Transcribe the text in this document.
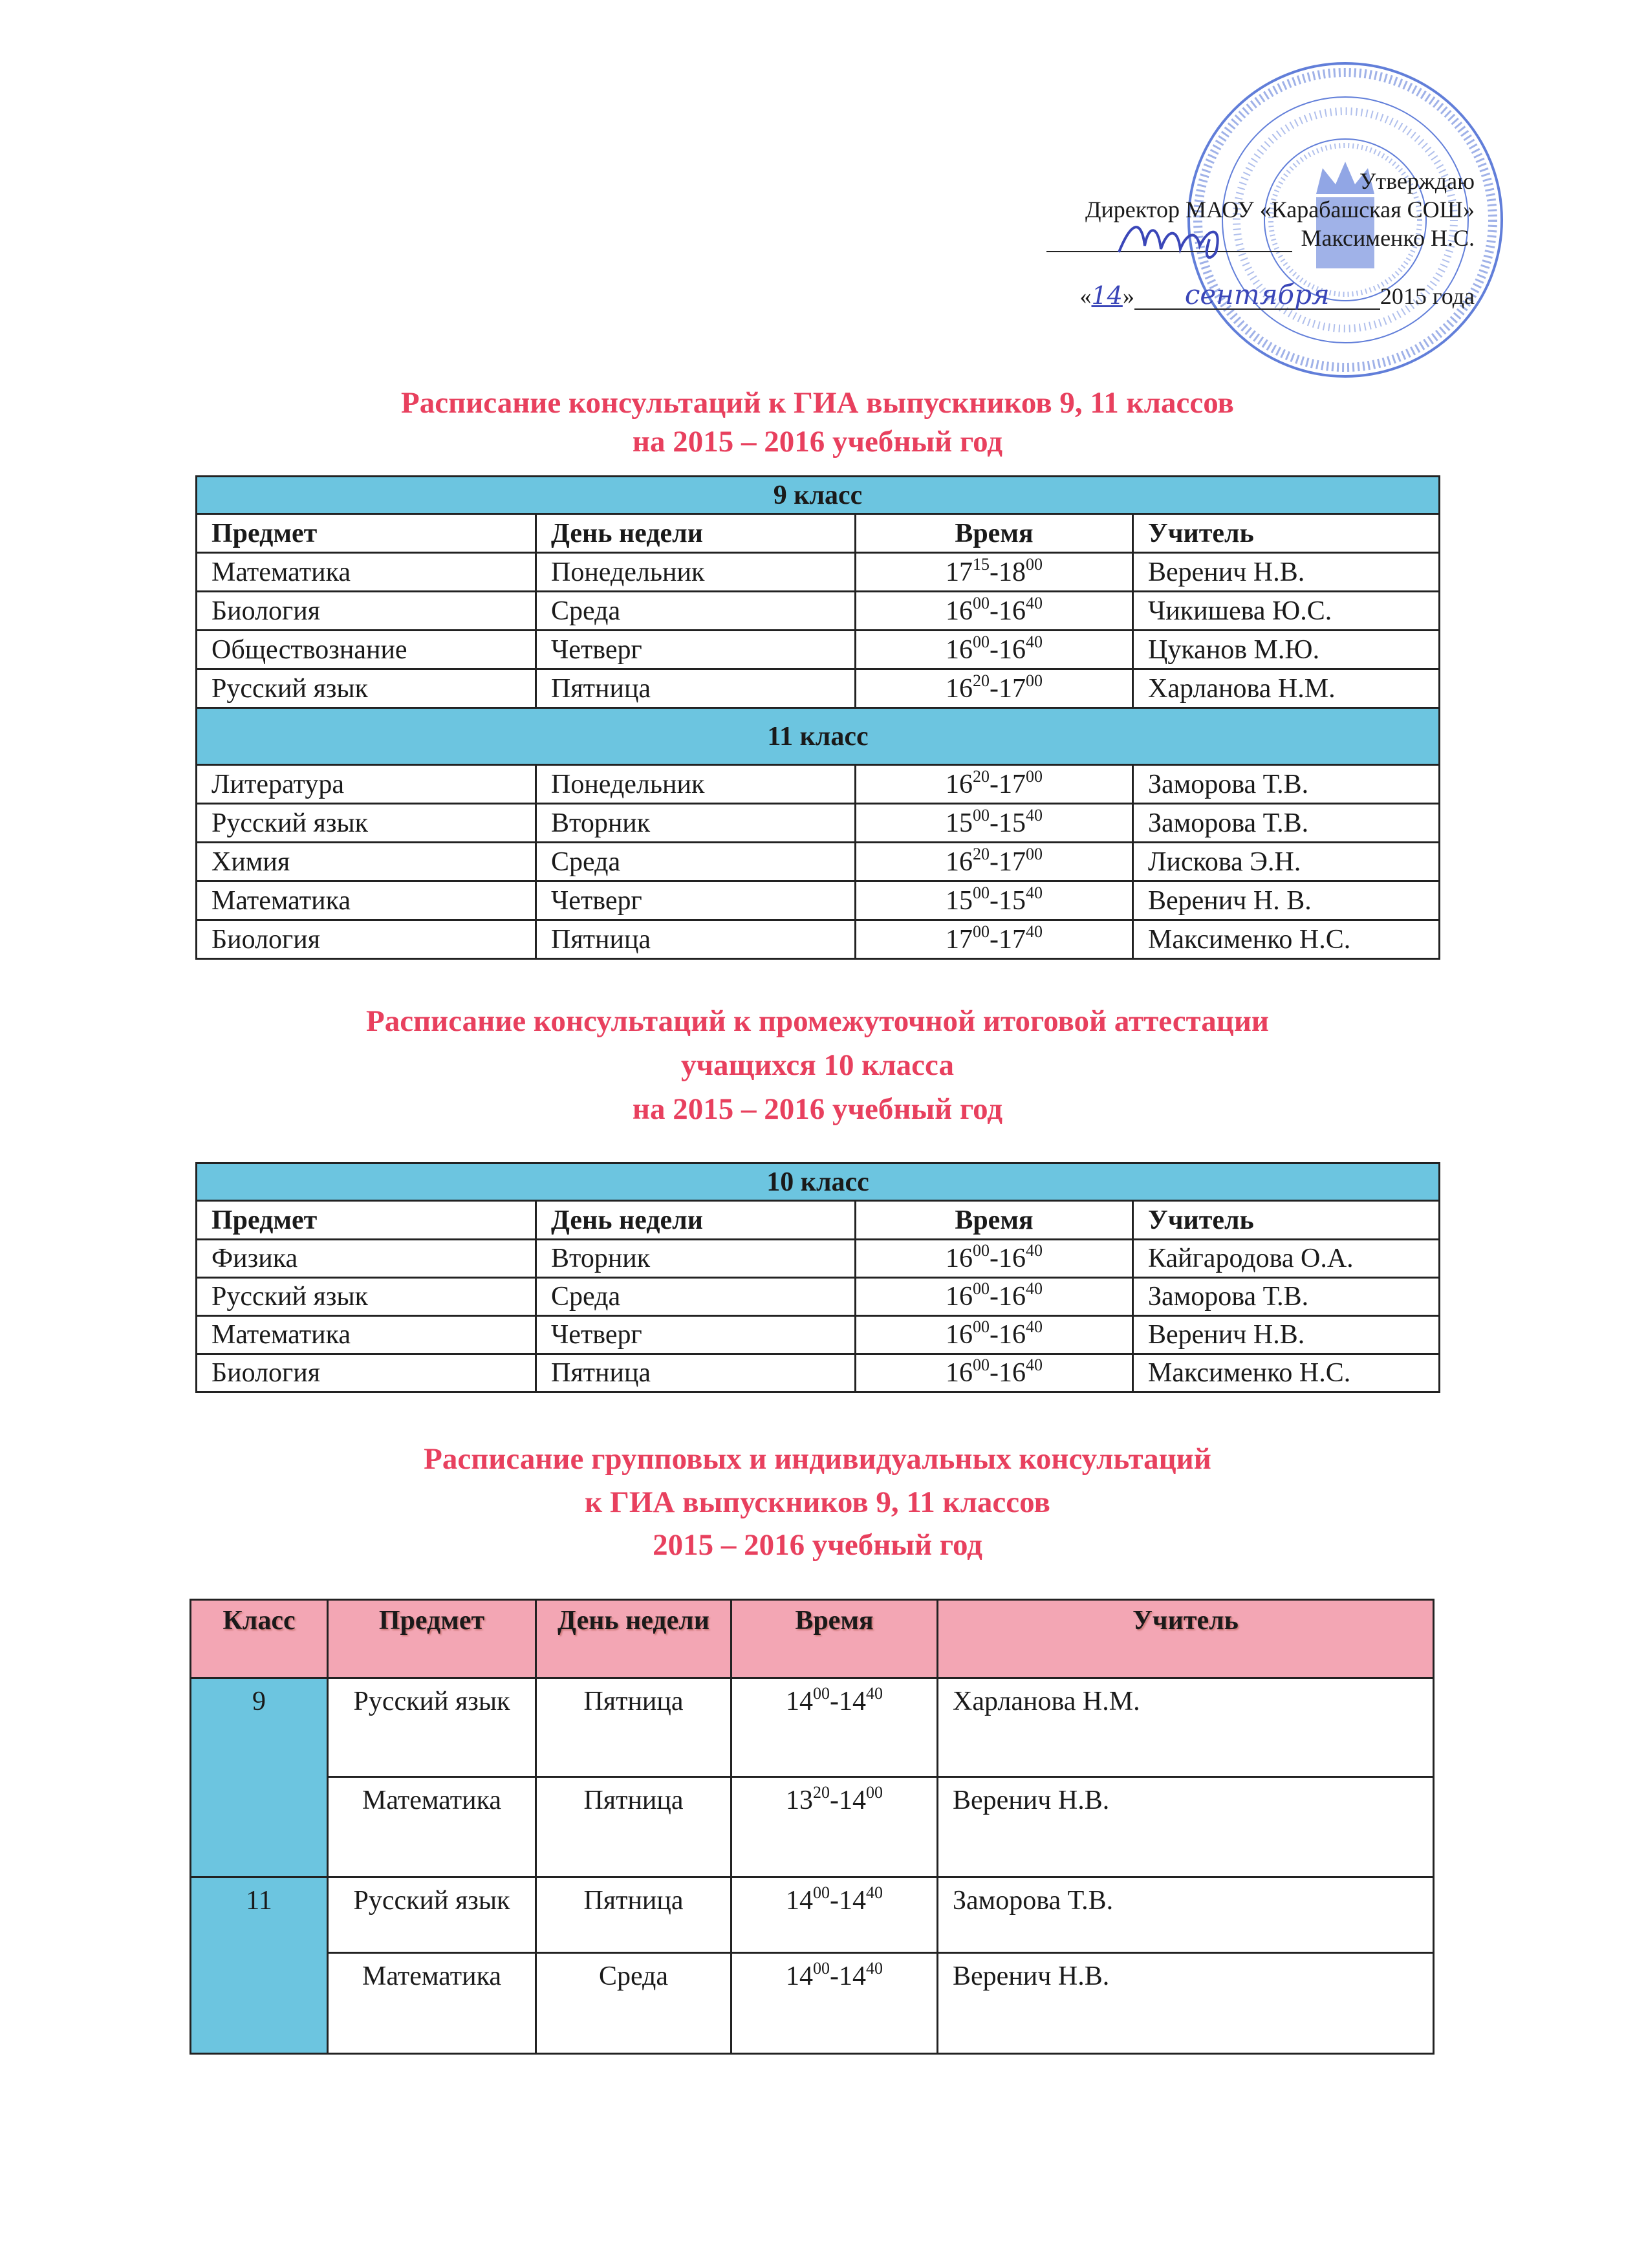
Утверждаю
Директор МАОУ «Карабашская СОШ»
Максименко Н.С.
«14» сентября 2015 года
Расписание консультаций к ГИА выпускников 9, 11 классов
на 2015 – 2016 учебный год
9 класс			
Предмет	День недели	Время	Учитель
Математика	Понедельник	$17^{15}-18^{00}$	Веренич Н.В.
Биология	Среда	$16^{00}-16^{40}$	Чикишева Ю.С.
Обществознание	Четверг	$16^{00}-16^{40}$	Цуканов М.Ю.
Русский язык	Пятница	$16^{20}-17^{00}$	Харланова Н.М.
11 класс			
Литература	Понедельник	$16^{20}-17^{00}$	Заморова Т.В.
Русский язык	Вторник	$15^{00}-15^{40}$	Заморова Т.В.
Химия	Среда	$16^{20}-17^{00}$	Лискова Э.Н.
Математика	Четверг	$15^{00}-15^{40}$	Веренич Н. В.
Биология	Пятница	$17^{00}-17^{40}$	Максименко Н.С.
Расписание консультаций к промежуточной итоговой аттестации
учащихся 10 класса
на 2015 – 2016 учебный год
10 класс			
Предмет	День недели	Время	Учитель
Физика	Вторник	$16^{00}-16^{40}$	Кайгародова О.А.
Русский язык	Среда	$16^{00}-16^{40}$	Заморова Т.В.
Математика	Четверг	$16^{00}-16^{40}$	Веренич Н.В.
Биология	Пятница	$16^{00}-16^{40}$	Максименко Н.С.
Расписание групповых и индивидуальных консультаций
к ГИА выпускников 9, 11 классов
2015 – 2016 учебный год
Класс	Предмет	День недели	Время	Учитель
9	Русский язык	Пятница	$14^{00}-14^{40}$	Харланова Н.М.
	Математика	Пятница	$13^{20}-14^{00}$	Веренич Н.В.
11	Русский язык	Пятница	$14^{00}-14^{40}$	Заморова Т.В.
	Математика	Среда	$14^{00}-14^{40}$	Веренич Н.В.
